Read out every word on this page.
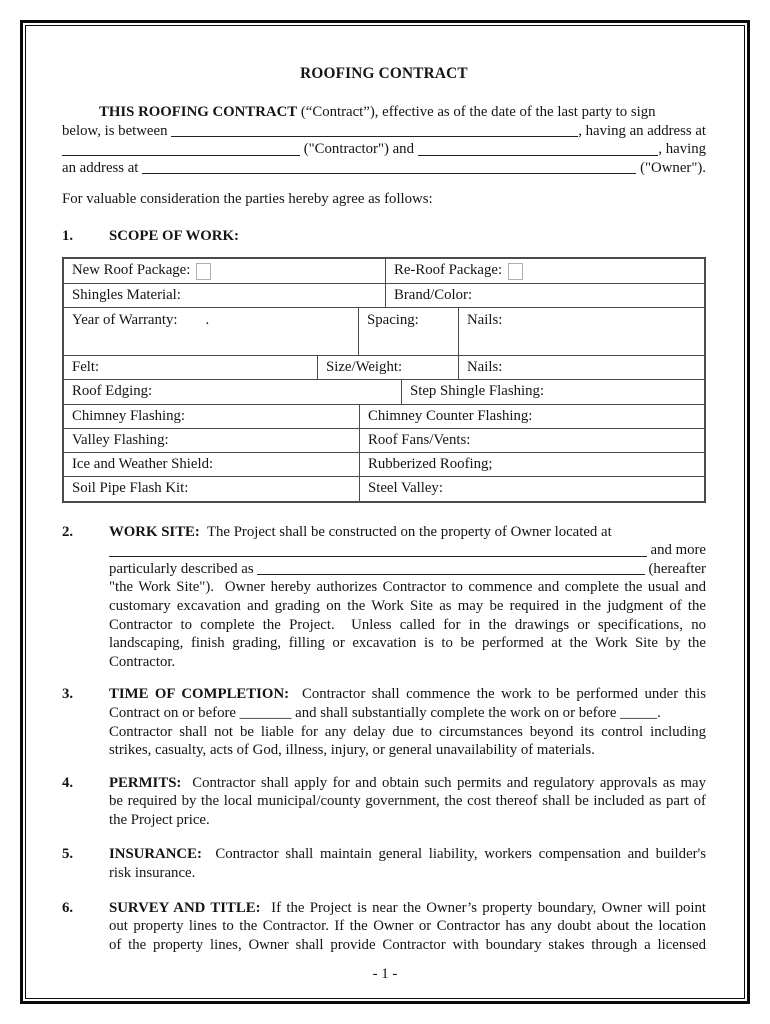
ROOFING CONTRACT
THIS ROOFING CONTRACT (“Contract”), effective as of the date of the last party to sign
below, is between	, having an address at
("Contractor") and	, having
an address at	("Owner").
For valuable consideration the parties hereby agree as follows:
1.	SCOPE OF WORK:
New Roof Package:	Re-Roof Package:
Shingles Material:	Brand/Color:
Year of Warranty: .	Spacing:	Nails:
Felt:	Size/Weight:	Nails:
Roof Edging:	Step Shingle Flashing:
Chimney Flashing:	Chimney Counter Flashing:
Valley Flashing:	Roof Fans/Vents:
Ice and Weather Shield:	Rubberized Roofing;
Soil Pipe Flash Kit:	Steel Valley:
2.	WORK SITE:  The Project shall be constructed on the property of Owner located at
and more
particularly described as	(hereafter
"the Work Site").  Owner hereby authorizes Contractor to commence and complete the usual and
customary excavation and grading on the Work Site as may be required in the judgment of the
Contractor to complete the Project.  Unless called for in the drawings or specifications, no
landscaping, finish grading, filling or excavation is to be performed at the Work Site by the
Contractor.
3.	TIME OF COMPLETION:  Contractor shall commence the work to be performed under this
Contract on or before _______ and shall substantially complete the work on or before _____.
Contractor shall not be liable for any delay due to circumstances beyond its control including
strikes, casualty, acts of God, illness, injury, or general unavailability of materials.
4.	PERMITS:  Contractor shall apply for and obtain such permits and regulatory approvals as may
be required by the local municipal/county government, the cost thereof shall be included as part of
the Project price.
5.	INSURANCE:  Contractor shall maintain general liability, workers compensation and builder's
risk insurance.
6.	SURVEY AND TITLE:  If the Project is near the Owner’s property boundary, Owner will point
out property lines to the Contractor. If the Owner or Contractor has any doubt about the location
of the property lines, Owner shall provide Contractor with boundary stakes through a licensed
- 1 -
